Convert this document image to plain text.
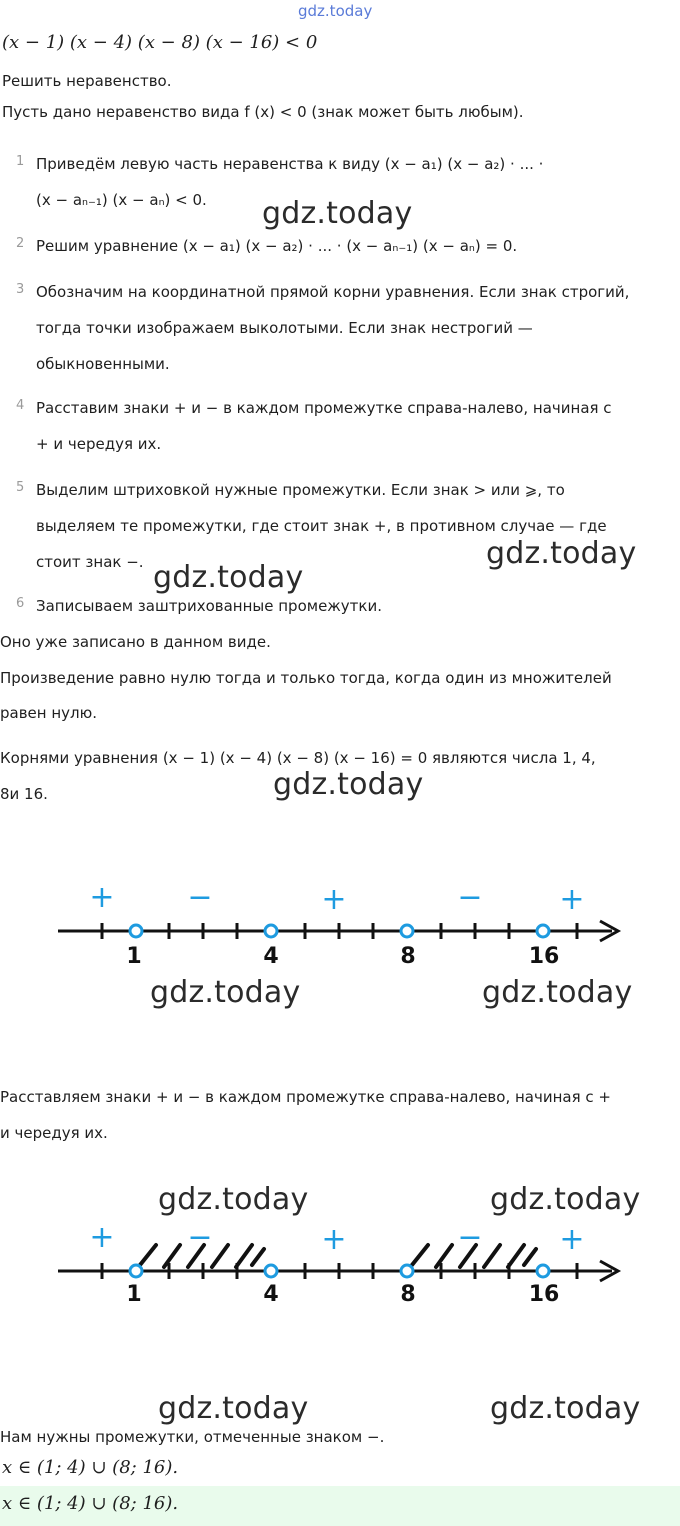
gdz.today
(x − 1) (x − 4) (x − 8) (x − 16) < 0
Решить неравенство.
Пусть дано неравенство вида f (x) < 0 (знак может быть любым).
1 Приведём левую часть неравенства к виду (x − a₁) (x − a₂) · ... ·
(x − aₙ₋₁) (x − aₙ) < 0.
2 Решим уравнение (x − a₁) (x − a₂) · ... · (x − aₙ₋₁) (x − aₙ) = 0.
3 Обозначим на координатной прямой корни уравнения. Если знак строгий,
тогда точки изображаем выколотыми. Если знак нестрогий —
обыкновенными.
4 Расставим знаки + и − в каждом промежутке справа-налево, начиная с
+ и чередуя их.
5 Выделим штриховкой нужные промежутки. Если знак > или ⩾, то
выделяем те промежутки, где стоит знак +, в противном случае — где
стоит знак −.
6 Записываем заштрихованные промежутки.
gdz.today
gdz.today
gdz.today
Оно уже записано в данном виде.
Произведение равно нулю тогда и только тогда, когда один из множителей
равен нулю.
Корнями уравнения (x − 1) (x − 4) (x − 8) (x − 16) = 0 являются числа 1, 4,
8и 16.	gdz.today
+ −	+	−	+
1	4	8	16
gdz.today	gdz.today
Расставляем знаки + и − в каждом промежутке справа-налево, начиная с +
и чередуя их.
gdz.today	gdz.today
+ −	+	−	+
1	4	8	16
gdz.today	gdz.today
Нам нужны промежутки, отмеченные знаком −.
x ∈ (1; 4) ∪ (8; 16).
x ∈ (1; 4) ∪ (8; 16).
